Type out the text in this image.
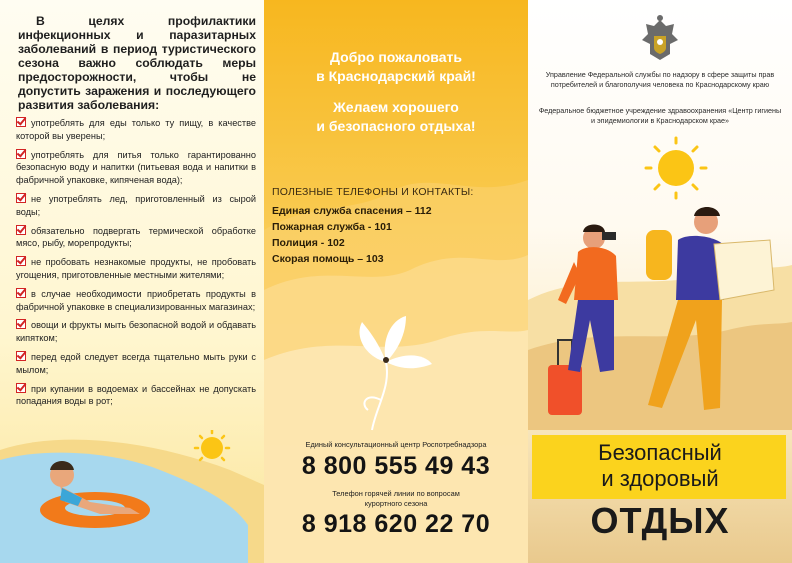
В целях профилактики инфекционных и паразитарных заболеваний в период туристического сезона важно соблюдать меры предосторожности, чтобы не допустить заражения и последующего развития заболевания:
употреблять для еды только ту пищу, в качестве которой вы уверены;
употреблять для питья только гарантированно безопасную воду и напитки (питьевая вода и напитки в фабричной упаковке, кипяченая вода);
не употреблять лед, приготовленный из сырой воды;
обязательно подвергать термической обработке мясо, рыбу, морепродукты;
не пробовать незнакомые продукты, не пробовать угощения, приготовленные местными жителями;
в случае необходимости приобретать продукты в фабричной упаковке в специализированных магазинах;
овощи и фрукты мыть безопасной водой и обдавать кипятком;
перед едой следует всегда тщательно мыть руки с мылом;
при купании в водоемах и бассейнах не допускать попадания воды в рот;
Добро пожаловать
в Краснодарский край!
Желаем хорошего
и безопасного отдыха!
ПОЛЕЗНЫЕ ТЕЛЕФОНЫ И КОНТАКТЫ:
Единая служба спасения – 112
Пожарная служба - 101
Полиция - 102
Скорая помощь – 103
Единый консультационный центр Роспотребнадзора
8 800 555 49 43
Телефон горячей линии по вопросам курортного сезона
8 918 620 22 70
Управление Федеральной службы по надзору в сфере защиты прав потребителей и благополучия человека по Краснодарскому краю
Федеральное бюджетное учреждение здравоохранения «Центр гигиены и эпидемиологии в Краснодарском крае»
Безопасный
и здоровый
ОТДЫХ
